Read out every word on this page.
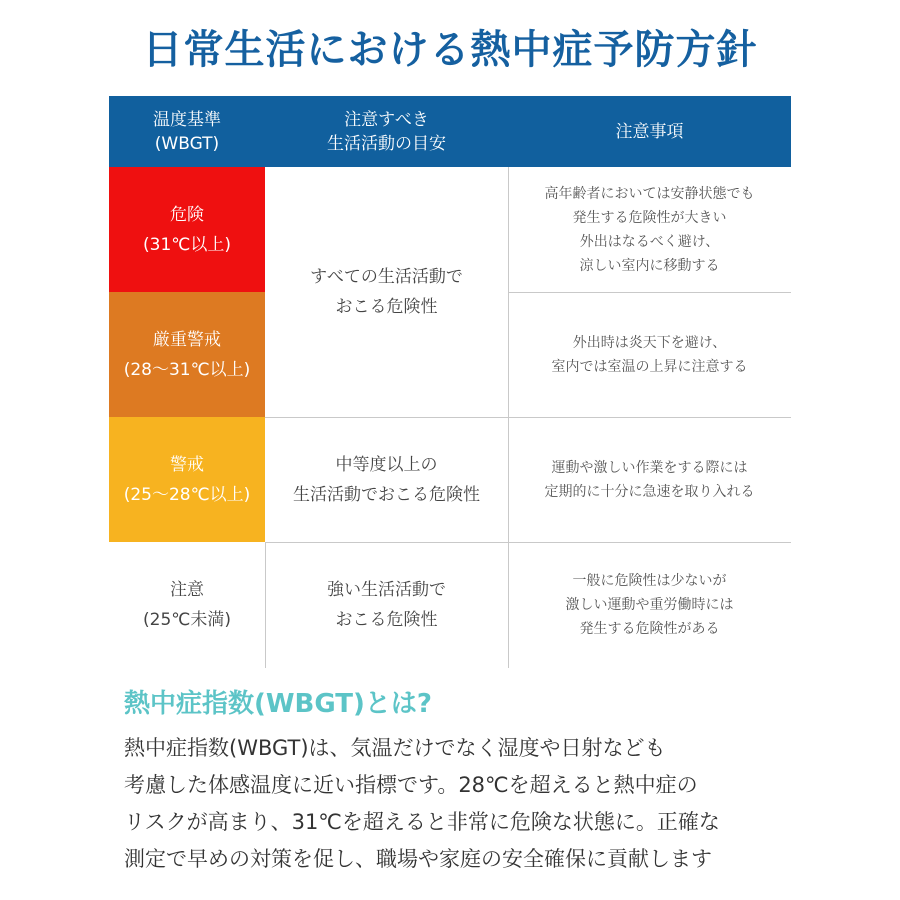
日常生活における熱中症予防方針
温度基準
(WBGT)
注意すべき
生活活動の目安
注意事項
危険
(31℃以上)
厳重警戒
(28〜31℃以上)
警戒
(25〜28℃以上)
注意
(25℃未満)
すべての生活活動で
おこる危険性
中等度以上の
生活活動でおこる危険性
強い生活活動で
おこる危険性
高年齢者においては安静状態でも
発生する危険性が大きい
外出はなるべく避け、
涼しい室内に移動する
外出時は炎天下を避け、
室内では室温の上昇に注意する
運動や激しい作業をする際には
定期的に十分に急速を取り入れる
一般に危険性は少ないが
激しい運動や重労働時には
発生する危険性がある
熱中症指数(WBGT)とは?
熱中症指数(WBGT)は、気温だけでなく湿度や日射なども
考慮した体感温度に近い指標です。28℃を超えると熱中症の
リスクが高まり、31℃を超えると非常に危険な状態に。正確な
測定で早めの対策を促し、職場や家庭の安全確保に貢献します
